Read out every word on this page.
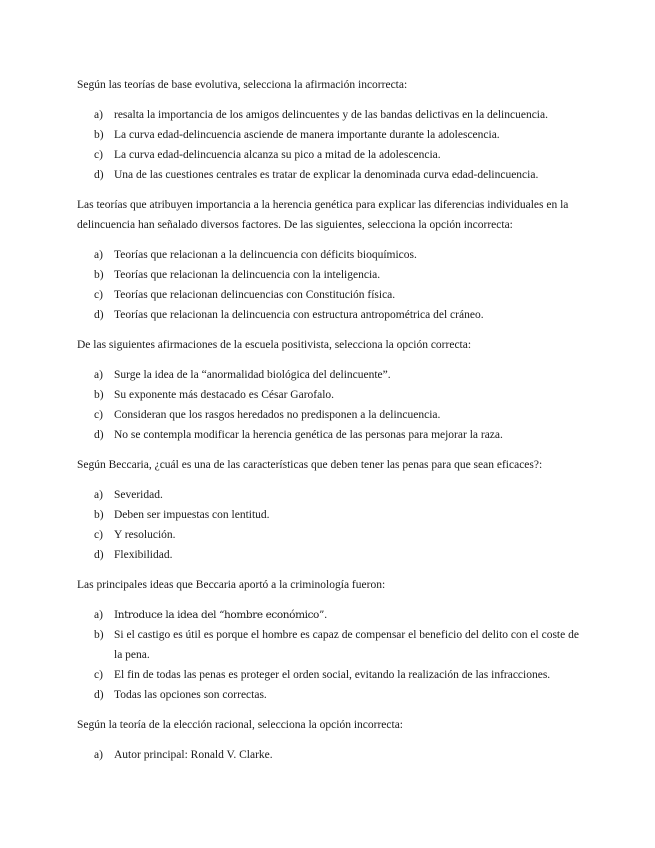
Según las teorías de base evolutiva, selecciona la afirmación incorrecta:

a) resalta la importancia de los amigos delincuentes y de las bandas delictivas en la delincuencia.
b) La curva edad-delincuencia asciende de manera importante durante la adolescencia.
c) La curva edad-delincuencia alcanza su pico a mitad de la adolescencia.
d) Una de las cuestiones centrales es tratar de explicar la denominada curva edad-delincuencia.

Las teorías que atribuyen importancia a la herencia genética para explicar las diferencias individuales en la delincuencia han señalado diversos factores. De las siguientes, selecciona la opción incorrecta:

a) Teorías que relacionan a la delincuencia con déficits bioquímicos.
b) Teorías que relacionan la delincuencia con la inteligencia.
c) Teorías que relacionan delincuencias con Constitución física.
d) Teorías que relacionan la delincuencia con estructura antropométrica del cráneo.

De las siguientes afirmaciones de la escuela positivista, selecciona la opción correcta:

a) Surge la idea de la “anormalidad biológica del delincuente”.
b) Su exponente más destacado es César Garofalo.
c) Consideran que los rasgos heredados no predisponen a la delincuencia.
d) No se contempla modificar la herencia genética de las personas para mejorar la raza.

Según Beccaria, ¿cuál es una de las características que deben tener las penas para que sean eficaces?:

a) Severidad.
b) Deben ser impuestas con lentitud.
c) Y resolución.
d) Flexibilidad.

Las principales ideas que Beccaria aportó a la criminología fueron:

a)	Introduce la idea del “hombre económico”.
b) Si el castigo es útil es porque el hombre es capaz de compensar el beneficio del delito con el coste de la pena.
c) El fin de todas las penas es proteger el orden social, evitando la realización de las infracciones.
d) Todas las opciones son correctas.

Según la teoría de la elección racional, selecciona la opción incorrecta:

a) Autor principal: Ronald V. Clarke.
